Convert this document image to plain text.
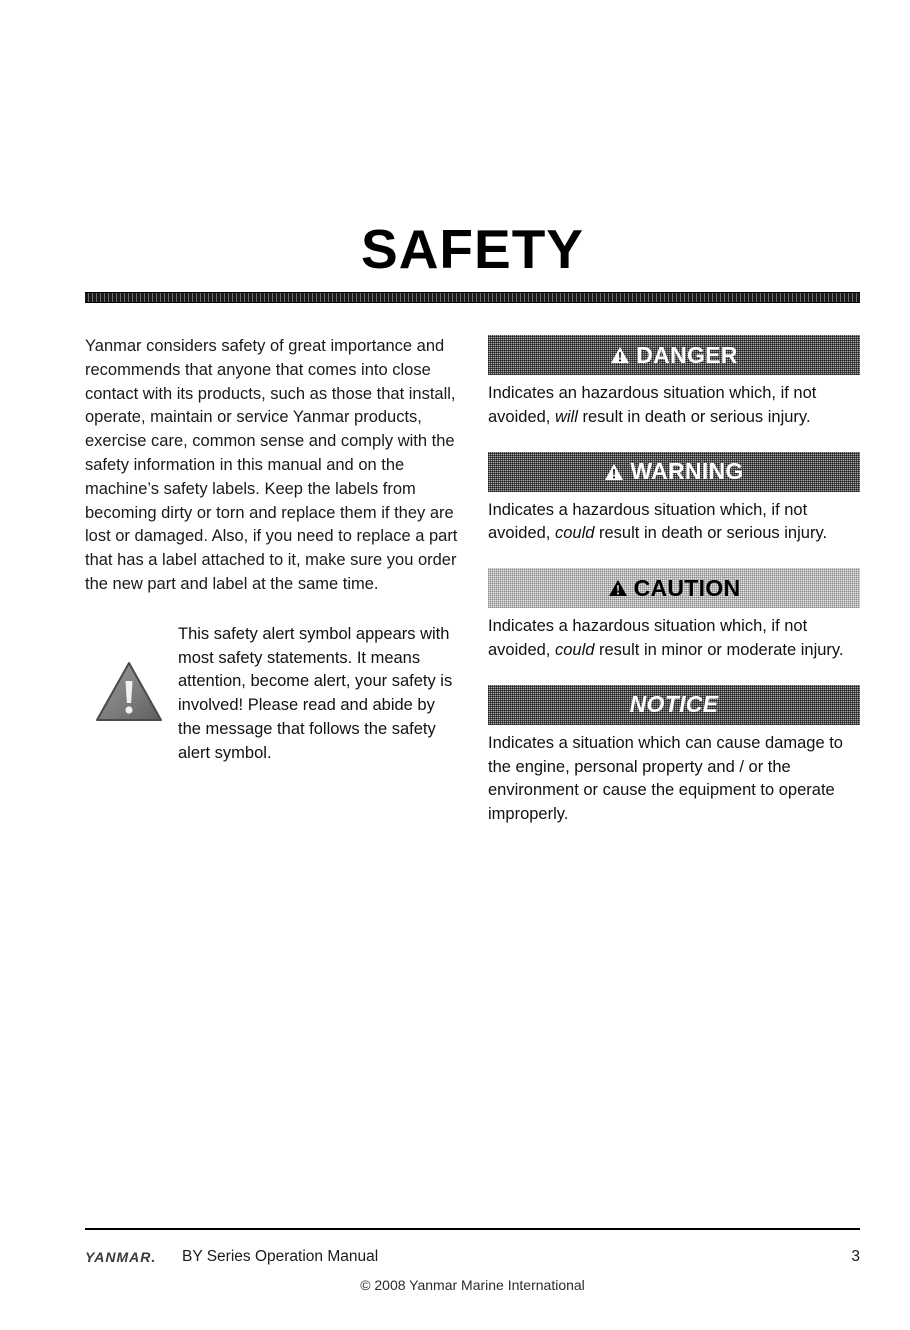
SAFETY
Yanmar considers safety of great importance and recommends that anyone that comes into close contact with its products, such as those that install, operate, maintain or service Yanmar products, exercise care, common sense and comply with the safety information in this manual and on the machine’s safety labels. Keep the labels from becoming dirty or torn and replace them if they are lost or damaged. Also, if you need to replace a part that has a label attached to it, make sure you order the new part and label at the same time.
This safety alert symbol appears with most safety statements. It means attention, become alert, your safety is involved! Please read and abide by the message that follows the safety alert symbol.
DANGER
Indicates an hazardous situation which, if not avoided, will result in death or serious injury.
WARNING
Indicates a hazardous situation which, if not avoided, could result in death or serious injury.
CAUTION
Indicates a hazardous situation which, if not avoided, could result in minor or moderate injury.
NOTICE
Indicates a situation which can cause damage to the engine, personal property and / or the environment or cause the equipment to operate improperly.
YANMAR. BY Series Operation Manual	3
© 2008 Yanmar Marine International
